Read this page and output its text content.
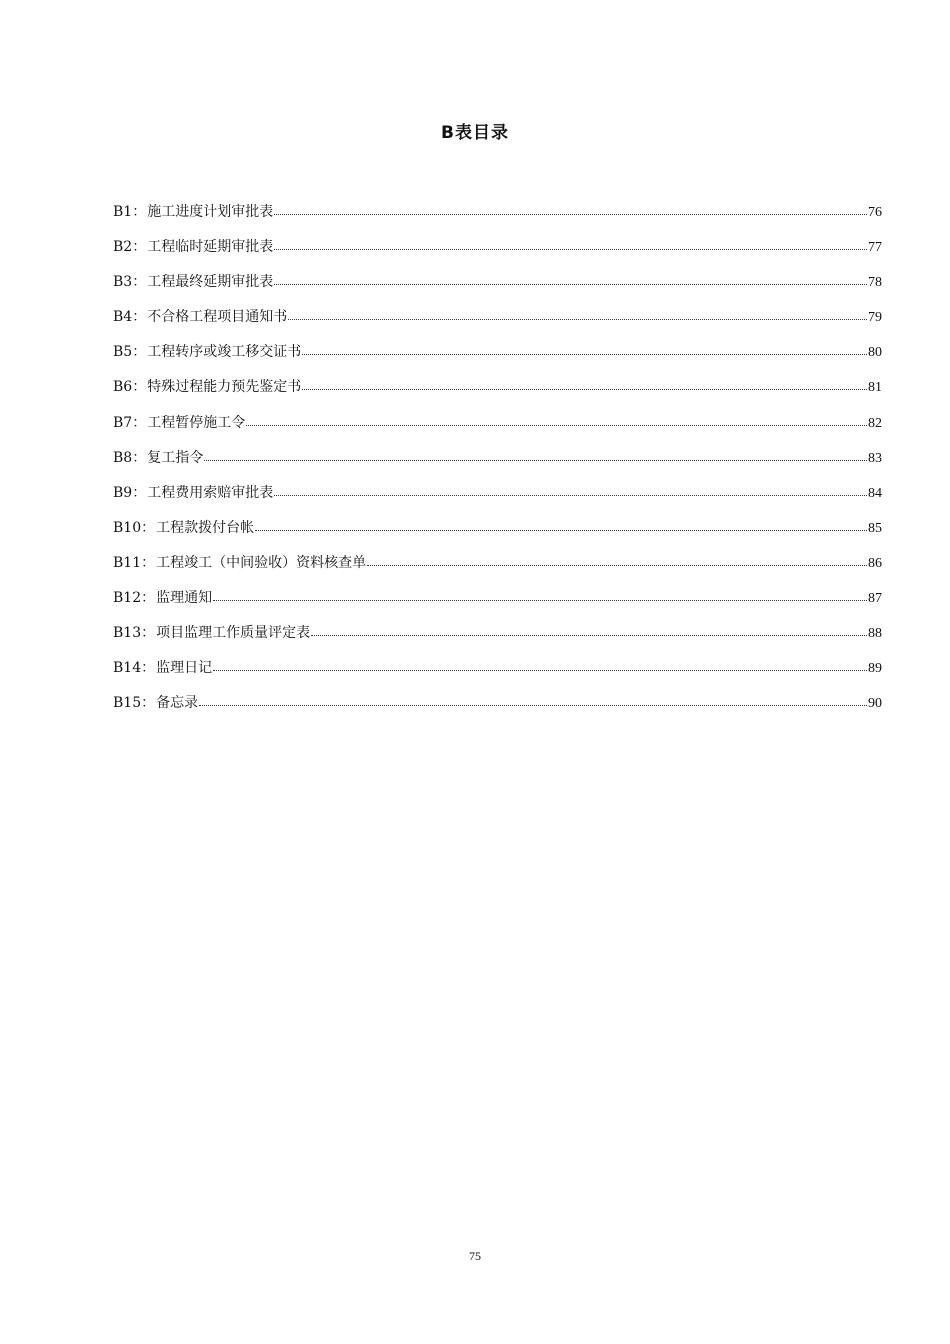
B表目录
B1 ： 施工进度计划审批表	76
B2 ： 工程临时延期审批表	77
B3 ： 工程最终延期审批表	78
B4 ： 不合格工程项目通知书	79
B5 ： 工程转序或竣工移交证书	80
B6 ： 特殊过程能力预先鉴定书	81
B7 ： 工程暂停施工令	82
B8 ： 复工指令	83
B9 ： 工程费用索赔审批表	84
B10 ： 工程款拨付台帐	85
B11 ： 工程竣工（中间验收）资料核查单	86
B12 ： 监理通知	87
B13 ： 项目监理工作质量评定表	88
B14 ： 监理日记	89
B15 ： 备忘录	90
75
